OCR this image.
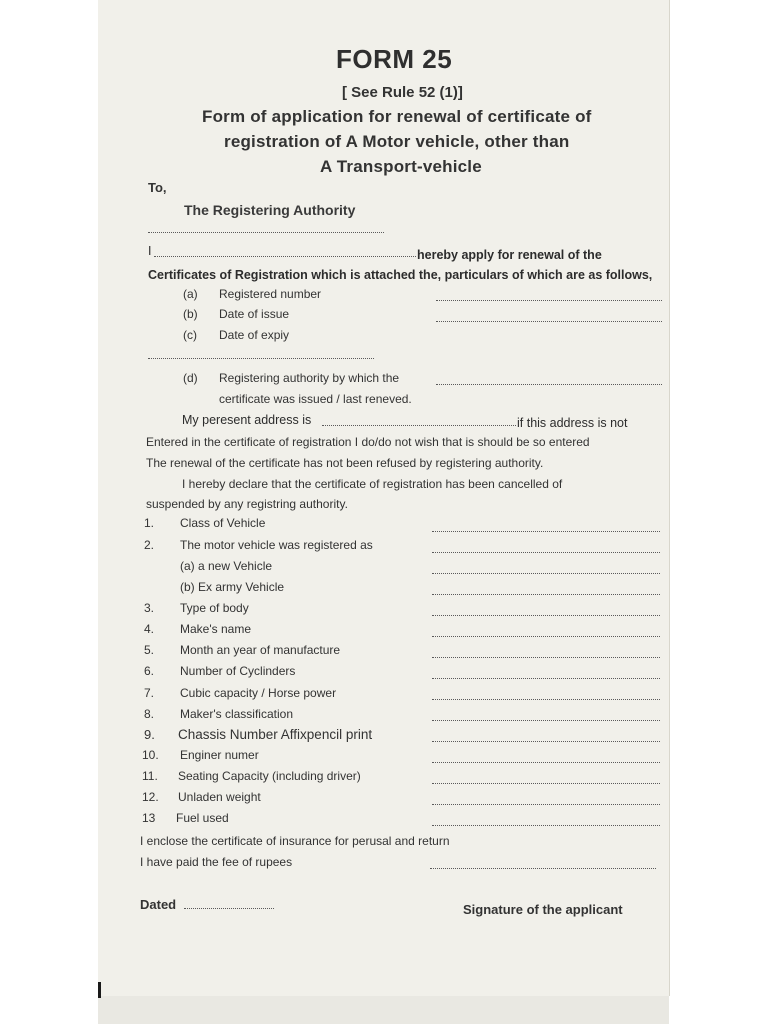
FORM 25
[ See Rule 52 (1)]
Form of application for renewal of certificate of
registration of A Motor vehicle, other than
A Transport-vehicle
To,
The Registering Authority
I	hereby apply for renewal of the
Certificates of Registration which is attached the, particulars of which are as follows,
(a) Registered number
(b) Date of issue
(c) Date of expiy
(d) Registering authority by which the
certificate was issued / last reneved.
My peresent address is	if this address is not
Entered in the certificate of registration I do/do not wish that is should be so entered
The renewal of the certificate has not been refused by registering authority.
I hereby declare that the certificate of registration has been cancelled of
suspended by any registring authority.
1. Class of Vehicle
2. The motor vehicle was registered as
(a) a new Vehicle
(b) Ex army Vehicle
3. Type of body
4. Make's name
5. Month an year of manufacture
6. Number of Cyclinders
7. Cubic capacity / Horse power
8. Maker's classification
9. Chassis Number Affixpencil print
10. Enginer numer
11. Seating Capacity (including driver)
12. Unladen weight
13 Fuel used
I enclose the certificate of insurance for perusal and return
I have paid the fee of rupees
Dated	Signature of the applicant
